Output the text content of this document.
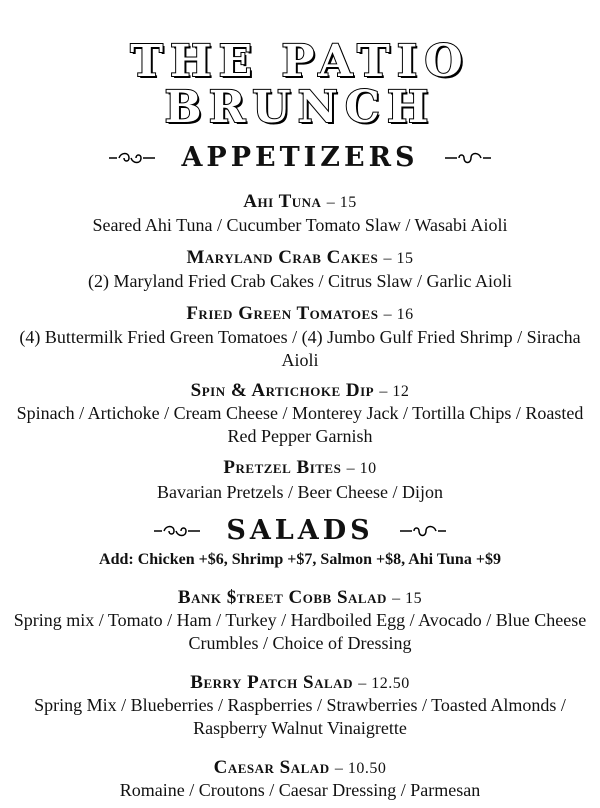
THE PATIO
BRUNCH
APPETIZERS
Ahi Tuna – 15
Seared Ahi Tuna / Cucumber Tomato Slaw / Wasabi Aioli
Maryland Crab Cakes – 15
(2) Maryland Fried Crab Cakes / Citrus Slaw / Garlic Aioli
Fried Green Tomatoes – 16
(4) Buttermilk Fried Green Tomatoes / (4) Jumbo Gulf Fried Shrimp / Siracha Aioli
Spin & Artichoke Dip – 12
Spinach / Artichoke / Cream Cheese / Monterey Jack / Tortilla Chips / Roasted Red Pepper Garnish
Pretzel Bites – 10
Bavarian Pretzels / Beer Cheese / Dijon
SALADS
Add: Chicken +$6, Shrimp +$7, Salmon +$8, Ahi Tuna +$9
Bank $treet Cobb Salad – 15
Spring mix / Tomato / Ham / Turkey / Hardboiled Egg / Avocado / Blue Cheese Crumbles / Choice of Dressing
Berry Patch Salad – 12.50
Spring Mix / Blueberries / Raspberries / Strawberries / Toasted Almonds / Raspberry Walnut Vinaigrette
Caesar Salad – 10.50
Romaine / Croutons / Caesar Dressing / Parmesan
